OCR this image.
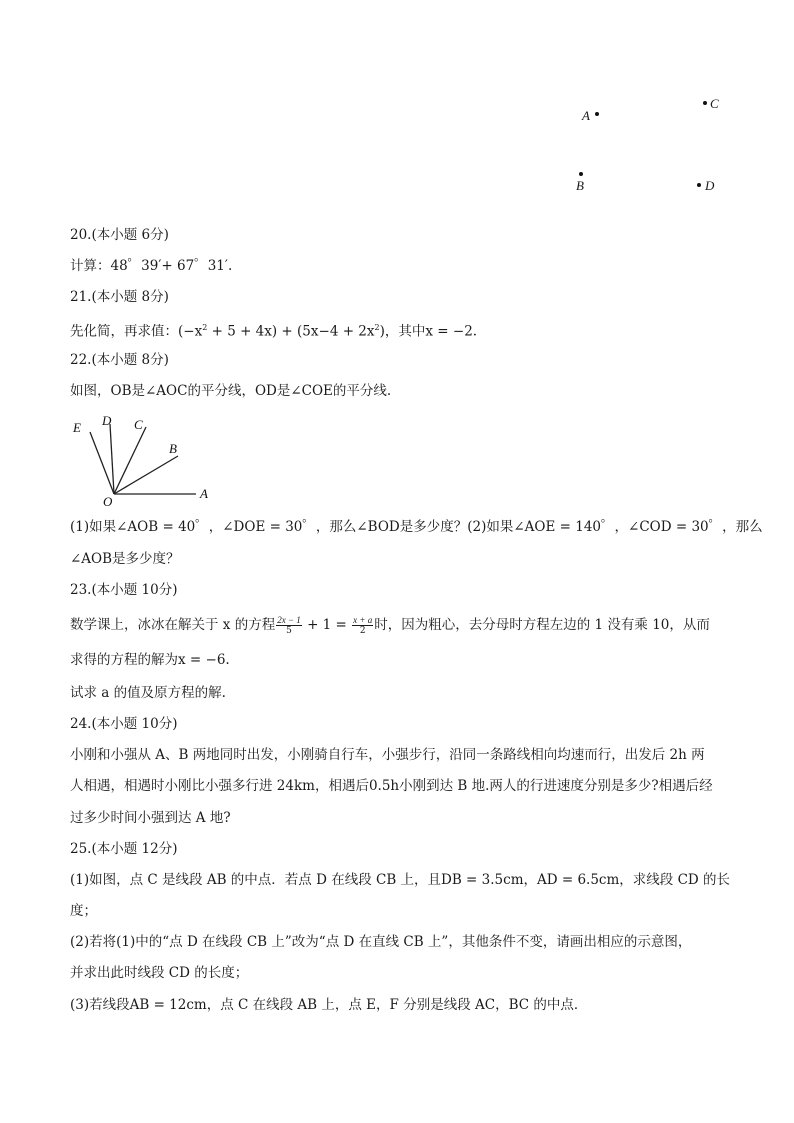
A
C
B	D
20.(本小题 6分)
计算：48゜39′+ 67゜31′.
21.(本小题 8分)
先化简，再求值：$(-x^2 + 5 + 4x) + (5x-4 + 2x^2)$，其中x = −2.
22.(本小题 8分)
如图，OB是∠AOC的平分线，OD是∠COE的平分线.
E D C
B
O
A
(1)如果∠AOB = 40゜，∠DOE = 30゜，那么∠BOD是多少度？(2)如果∠AOE = 140゜，∠COD = 30゜，那么
∠AOB是多少度？
23.(本小题 10分)
数学课上，冰冰在解关于 x 的方程 $\frac{2x - 1}{5} + 1 = \frac{x + a}{2}$ 时，因为粗心，去分母时方程左边的 1 没有乘 10，从而
求得的方程的解为x = −6.
试求 a 的值及原方程的解.
24.(本小题 10分)
小刚和小强从 A、B 两地同时出发，小刚骑自行车，小强步行，沿同一条路线相向均速而行，出发后 2h 两
人相遇，相遇时小刚比小强多行进 24km，相遇后0.5h小刚到达 B 地.两人的行进速度分别是多少?相遇后经
过多少时间小强到达 A 地?
25.(本小题 12分)
(1)如图，点 C 是线段 AB 的中点．若点 D 在线段 CB 上，且DB = 3.5cm，AD = 6.5cm，求线段 CD 的长
度；
(2)若将(1)中的“点 D 在线段 CB 上”改为“点 D 在直线 CB 上”，其他条件不变，请画出相应的示意图，
并求出此时线段 CD 的长度；
(3)若线段AB = 12cm，点 C 在线段 AB 上，点 E，F 分别是线段 AC，BC 的中点．
